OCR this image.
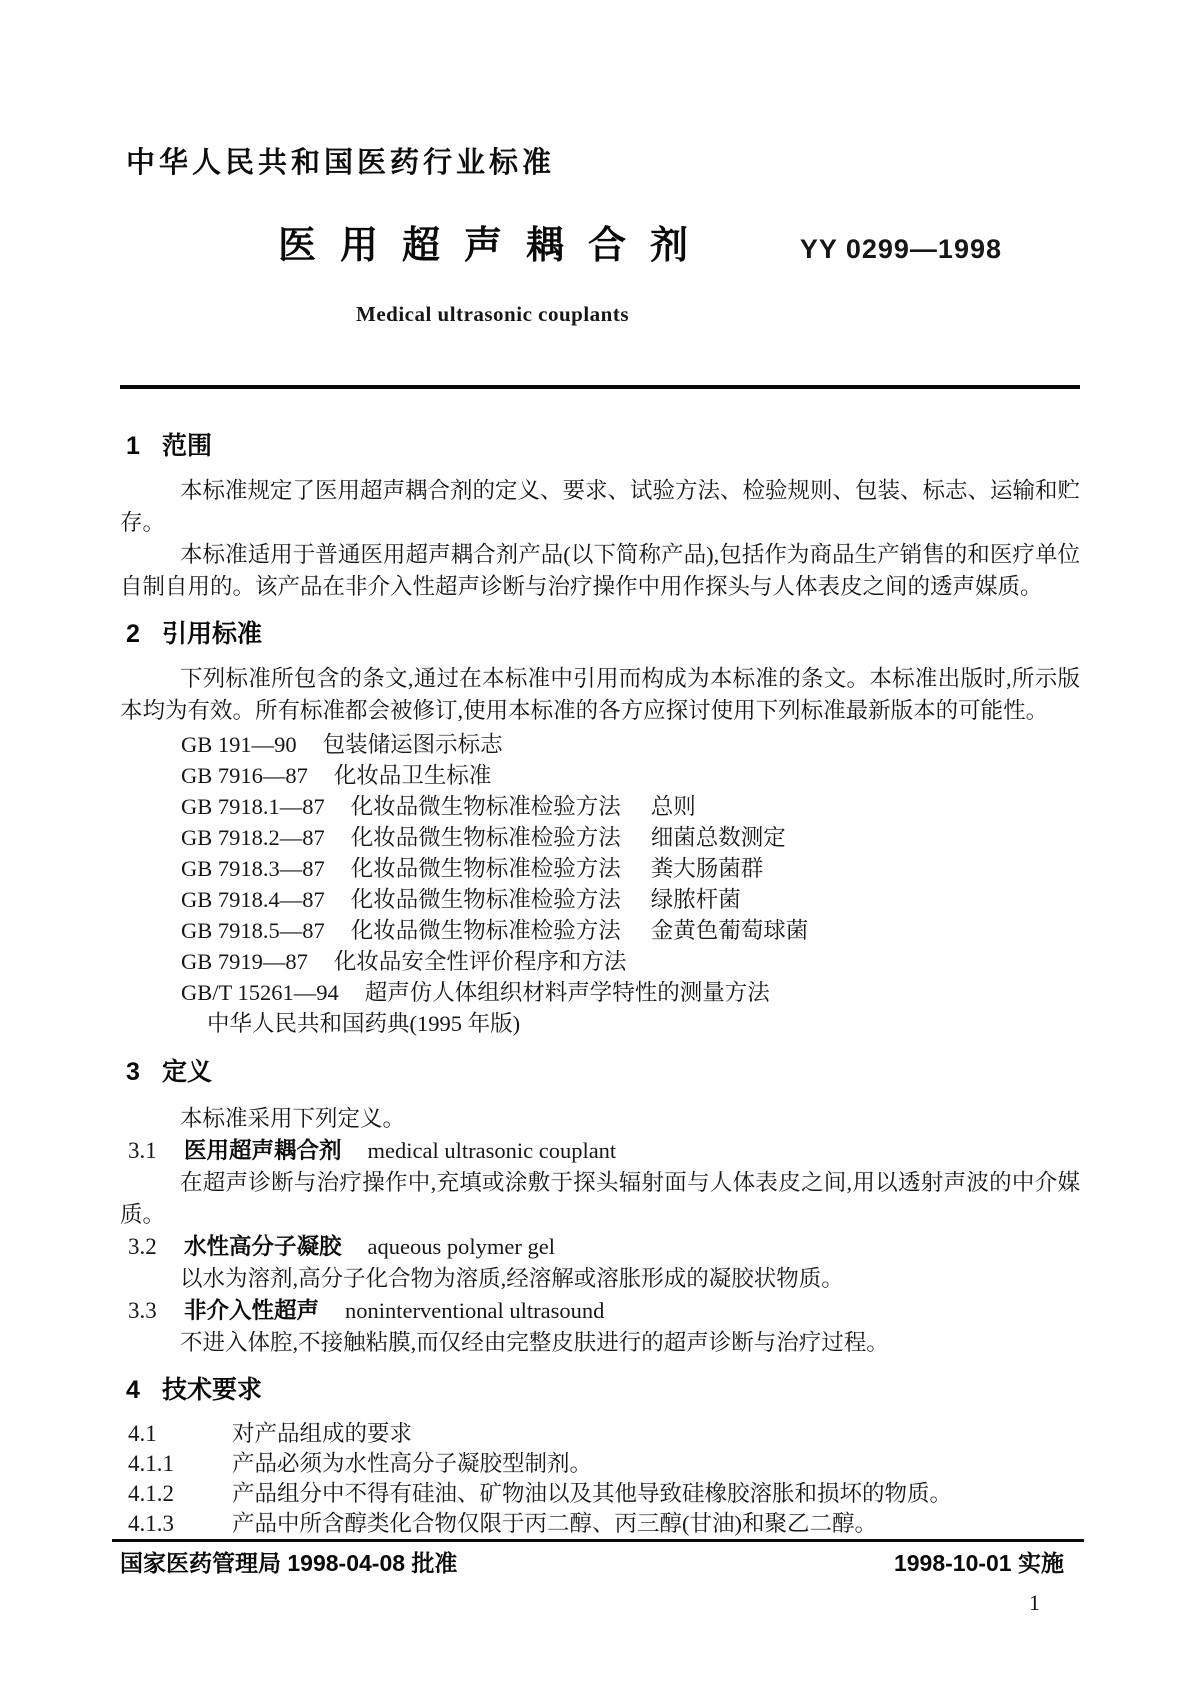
中华人民共和国医药行业标准
医用超声耦合剂	YY 0299—1998
Medical ultrasonic couplants
1 范围

本标准规定了医用超声耦合剂的定义、要求、试验方法、检验规则、包装、标志、运输和贮存。

本标准适用于普通医用超声耦合剂产品(以下简称产品),包括作为商品生产销售的和医疗单位自制自用的。该产品在非介入性超声诊断与治疗操作中用作探头与人体表皮之间的透声媒质。

2 引用标准

下列标准所包含的条文,通过在本标准中引用而构成为本标准的条文。本标准出版时,所示版本均为有效。所有标准都会被修订,使用本标准的各方应探讨使用下列标准最新版本的可能性。

GB 191—90 包装储运图示标志
GB 7916—87 化妆品卫生标准
GB 7918.1—87 化妆品微生物标准检验方法 总则
GB 7918.2—87 化妆品微生物标准检验方法 细菌总数测定
GB 7918.3—87 化妆品微生物标准检验方法 粪大肠菌群
GB 7918.4—87 化妆品微生物标准检验方法 绿脓杆菌
GB 7918.5—87 化妆品微生物标准检验方法 金黄色葡萄球菌
GB 7919—87 化妆品安全性评价程序和方法
GB/T 15261—94 超声仿人体组织材料声学特性的测量方法
中华人民共和国药典(1995 年版)
3 定义

本标准采用下列定义。

3.1 医用超声耦合剂 medical ultrasonic couplant

在超声诊断与治疗操作中,充填或涂敷于探头辐射面与人体表皮之间,用以透射声波的中介媒质。

3.2 水性高分子凝胶 aqueous polymer gel

以水为溶剂,高分子化合物为溶质,经溶解或溶胀形成的凝胶状物质。

3.3 非介入性超声 noninterventional ultrasound

不进入体腔,不接触粘膜,而仅经由完整皮肤进行的超声诊断与治疗过程。

4 技术要求
4.1	对产品组成的要求
4.1.1	产品必须为水性高分子凝胶型制剂。
4.1.2	产品组分中不得有硅油、矿物油以及其他导致硅橡胶溶胀和损坏的物质。
4.1.3	产品中所含醇类化合物仅限于丙二醇、丙三醇(甘油)和聚乙二醇。
国家医药管理局 1998-04-08 批准	1998-10-01 实施
1
